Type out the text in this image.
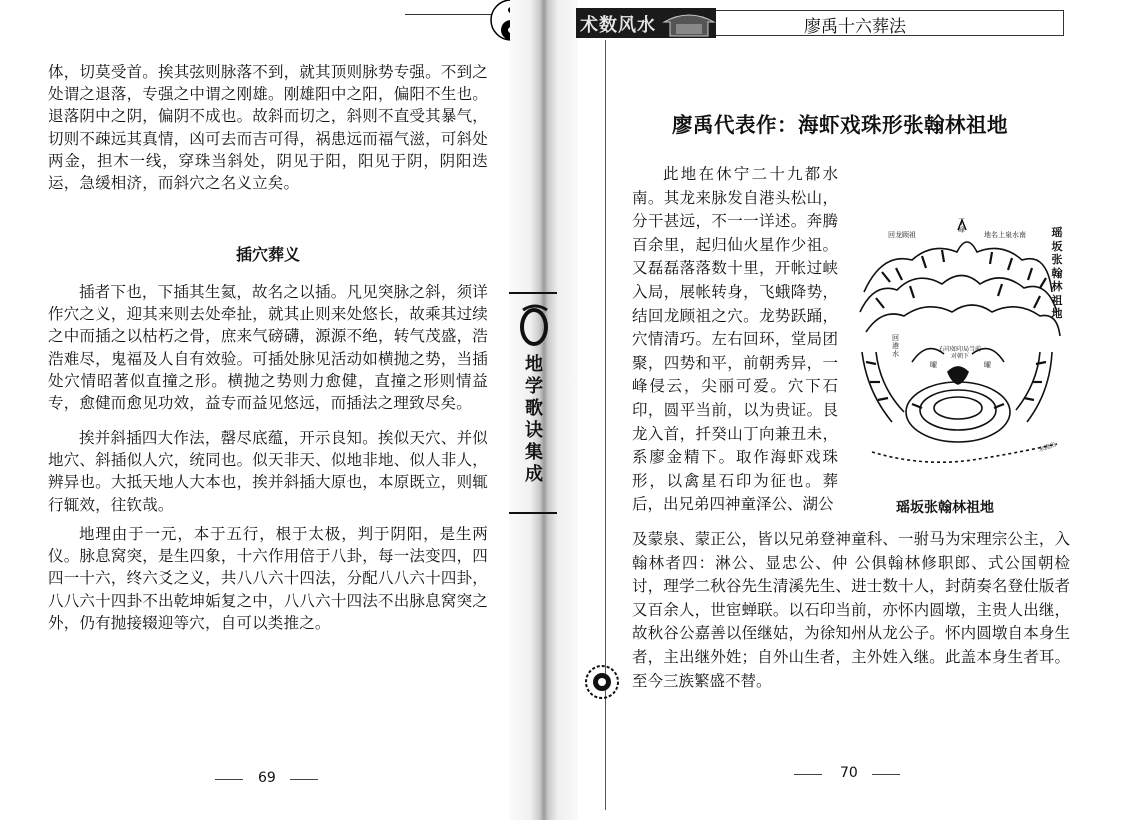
体，切莫受首。挨其弦则脉落不到，就其顶则脉势专强。不到之处谓之退落，专强之中谓之刚雄。刚雄阳中之阳，偏阳不生也。退落阴中之阴，偏阴不成也。故斜而切之，斜则不直受其暴气，切则不疎远其真情，凶可去而吉可得，祸患远而福气滋，可斜处两金，担木一线，穿珠当斜处，阴见于阳，阳见于阴，阴阳迭运，急缓相济，而斜穴之名义立矣。

插穴葬义

插者下也，下插其生氦，故名之以插。凡见突脉之斜，须详作穴之义，迎其来则去处牵扯，就其止则来处悠长，故乘其过续之中而插之以枯朽之骨，庶来气磅礴，源源不绝，转气茂盛，浩浩难尽，鬼福及人自有效验。可插处脉见活动如横抛之势，当插处穴情昭著似直撞之形。横抛之势则力愈健，直撞之形则情益专，愈健而愈见功效，益专而益见悠远，而插法之理致尽矣。

挨并斜插四大作法，罄尽底蕴，开示良知。挨似天穴、并似地穴、斜插似人穴，统同也。似天非天、似地非地、似人非人，辨异也。大抵天地人大本也，挨并斜插大原也，本原既立，则辄行辄效，往钦哉。

地理由于一元，本于五行，根于太极，判于阴阳，是生两仪。脉息窝突，是生四象，十六作用倍于八卦，每一法变四，四四一十六，终六爻之义，共八八六十四法，分配八八六十四卦，八八六十四卦不出乾坤姤复之中，八八六十四法不出脉息窝突之外，仍有抛接辍迎等穴，自可以类推之。

69
地学歌诀集成
术数风水	廖禹十六葬法
廖禹代表作：海虾戏珠形张翰林祖地

此地在休宁二十九都水南。其龙来脉发自港头松山，分干甚远，不一一详述。奔腾百余里，起归仙火星作少祖。又磊磊落落数十里，开帐过峡入局，展帐转身，飞蛾降势，结回龙顾祖之穴。龙势跃踊，穴情清巧。左右回环，堂局团聚，四势和平，前朝秀异，一峰侵云，尖丽可爱。穴下石印，圆平当前，以为贵证。艮龙入首，扦癸山丁向兼丑未，系廖金精下。取作海虾戏珠形，以禽星石印为征也。葬后，出兄弟四神童泽公、湖公

及蒙泉、蒙正公，皆以兄弟登神童科、一驸马为宋理宗公主，入翰林者四：淋公、显忠公、仲 公俱翰林修职郎、式公国朝检讨，理学二秋谷先生清溪先生、进士数十人，封荫奏名登仕版者又百余人，世宦蝉联。以石印当前，亦怀内圆墩，主贵人出继，故秋谷公嘉善以侄继姑，为徐知州从龙公子。怀内圆墩自本身生者，主出继外姓；自外山生者，主外姓入继。此盖本身生者耳。至今三族繁盛不替。

回龙顾祖
丁峰
地名上泉水南
回港水
石印如印局当前对朝下
曜	曜
水流出
瑶坂张翰林祖地
瑶坂张翰林祖地
70
